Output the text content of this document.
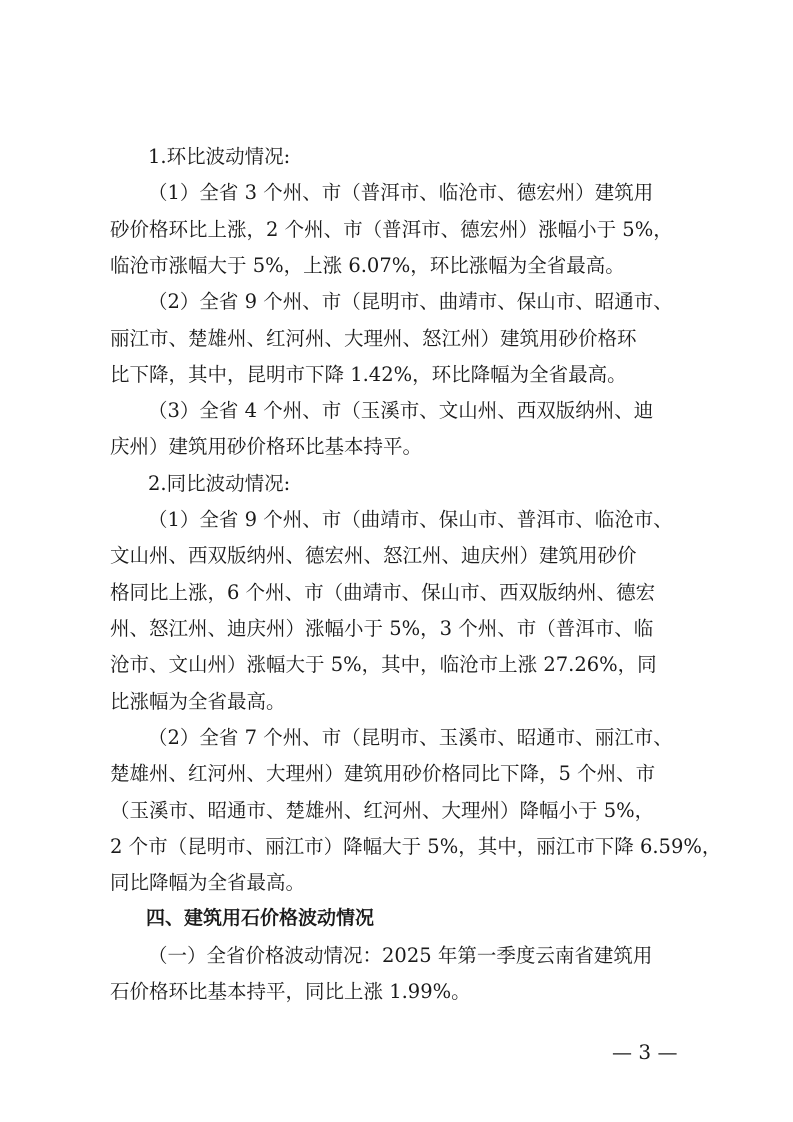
1.环比波动情况:
（1）全省 3 个州、市（普洱市、临沧市、德宏州）建筑用
砂价格环比上涨，2 个州、市（普洱市、德宏州）涨幅小于 5%，
临沧市涨幅大于 5%，上涨 6.07%，环比涨幅为全省最高。
（2）全省 9 个州、市（昆明市、曲靖市、保山市、昭通市、
丽江市、楚雄州、红河州、大理州、怒江州）建筑用砂价格环
比下降，其中，昆明市下降 1.42%，环比降幅为全省最高。
（3）全省 4 个州、市（玉溪市、文山州、西双版纳州、迪
庆州）建筑用砂价格环比基本持平。
2.同比波动情况:
（1）全省 9 个州、市（曲靖市、保山市、普洱市、临沧市、
文山州、西双版纳州、德宏州、怒江州、迪庆州）建筑用砂价
格同比上涨，6 个州、市（曲靖市、保山市、西双版纳州、德宏
州、怒江州、迪庆州）涨幅小于 5%，3 个州、市（普洱市、临
沧市、文山州）涨幅大于 5%，其中，临沧市上涨 27.26%，同
比涨幅为全省最高。
（2）全省 7 个州、市（昆明市、玉溪市、昭通市、丽江市、
楚雄州、红河州、大理州）建筑用砂价格同比下降，5 个州、市
（玉溪市、昭通市、楚雄州、红河州、大理州）降幅小于 5%，
2 个市（昆明市、丽江市）降幅大于 5%，其中，丽江市下降 6.59%，
同比降幅为全省最高。
四、建筑用石价格波动情况
（一）全省价格波动情况：2025 年第一季度云南省建筑用
石价格环比基本持平，同比上涨 1.99%。
— 3 —
